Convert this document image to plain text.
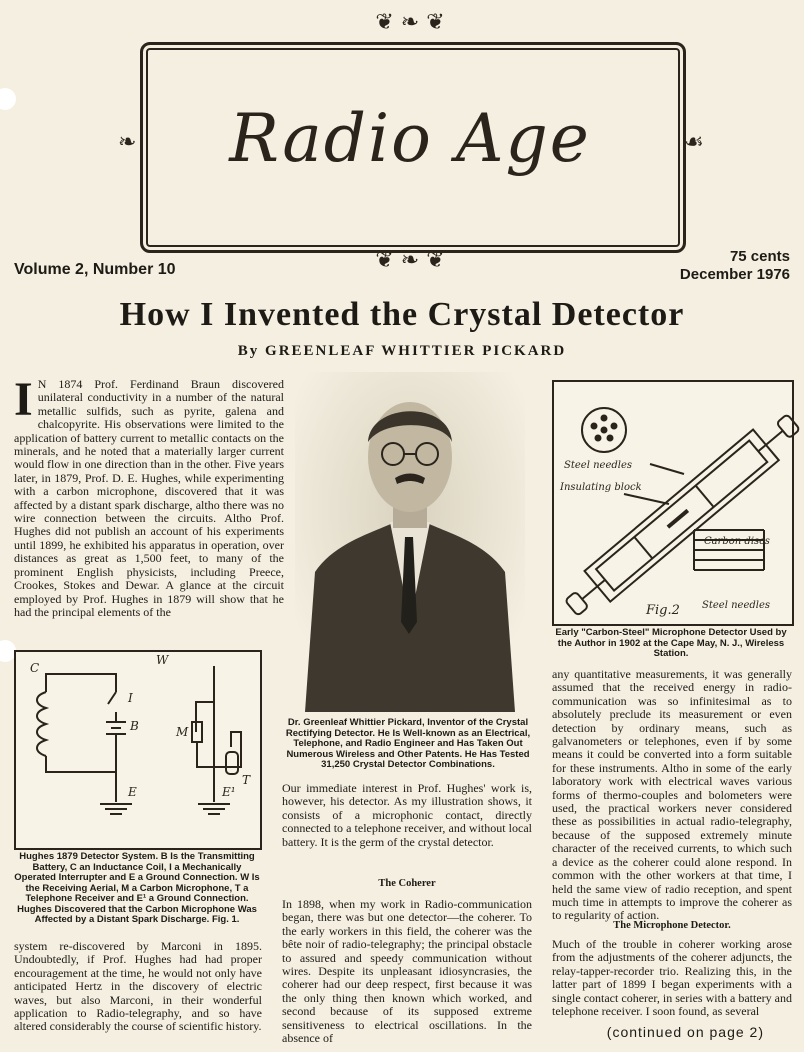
❦ ❧ ❦
❦ ❧ ❦
❧	☙
Radio Age
Volume 2, Number 10
75 cents
December 1976
How I Invented the Crystal Detector
By GREENLEAF WHITTIER PICKARD
I N 1874 Prof. Ferdinand Braun discovered unilateral conductivity in a number of the natural metallic sulfids, such as pyrite, galena and chalcopyrite. His observations were limited to the application of battery current to metallic contacts on the minerals, and he noted that a materially larger current would flow in one direction than in the other. Five years later, in 1879, Prof. D. E. Hughes, while experimenting with a carbon microphone, discovered that it was affected by a distant spark discharge, altho there was no wire connection between the circuits. Altho Prof. Hughes did not publish an account of his experiments until 1899, he exhibited his apparatus in operation, over distances as great as 1,500 feet, to many of the prominent English physicists, including Preece, Crookes, Stokes and Dewar. A glance at the circuit employed by Prof. Hughes in 1879 will show that he had the principal elements of the
C
W
I
B	M
T
E	E¹
Hughes 1879 Detector System. B Is the Transmitting Battery, C an Inductance Coil, I a Mechanically Operated Interrupter and E a Ground Connection. W Is the Receiving Aerial, M a Carbon Microphone, T a Telephone Receiver and E¹ a Ground Connection. Hughes Discovered that the Carbon Microphone Was Affected by a Distant Spark Discharge. Fig. 1.
system re-discovered by Marconi in 1895. Undoubtedly, if Prof. Hughes had had proper encouragement at the time, he would not only have anticipated Hertz in the discovery of electric waves, but also Marconi, in their wonderful application to Radio-telegraphy, and so have altered considerably the course of scientific history.
Dr. Greenleaf Whittier Pickard, Inventor of the Crystal Rectifying Detector. He Is Well-known as an Electrical, Telephone, and Radio Engineer and Has Taken Out Numerous Wireless and Other Patents. He Has Tested 31,250 Crystal Detector Combinations.
Our immediate interest in Prof. Hughes' work is, however, his detector. As my illustration shows, it consists of a microphonic contact, directly connected to a telephone receiver, and without local battery. It is the germ of the crystal detector.
The Coherer
In 1898, when my work in Radio-communication began, there was but one detector—the coherer. To the early workers in this field, the coherer was the bête noir of radio-telegraphy; the principal obstacle to assured and speedy communication without wires. Despite its unpleasant idiosyncrasies, the coherer had our deep respect, first because it was the only thing then known which worked, and second because of its supposed extreme sensitiveness to electrical oscillations. In the absence of
Steel needles
Insulating block
Carbon discs
Steel needles
Fig.2
Early "Carbon-Steel" Microphone Detector Used by the Author in 1902 at the Cape May, N. J., Wireless Station.
any quantitative measurements, it was generally assumed that the received energy in radio-communication was so infinitesimal as to absolutely preclude its measurement or even detection by ordinary means, such as galvanometers or telephones, even if by some means it could be converted into a form suitable for these instruments. Altho in some of the early laboratory work with electrical waves various forms of thermo-couples and bolometers were used, the practical workers never considered these as possibilities in actual radio-telegraphy, because of the supposed extremely minute character of the received currents, to which such a device as the coherer could alone respond. In common with the other workers at that time, I held the same view of radio reception, and spent much time in attempts to improve the coherer as to regularity of action.
The Microphone Detector.
Much of the trouble in coherer working arose from the adjustments of the coherer adjuncts, the relay-tapper-recorder trio. Realizing this, in the latter part of 1899 I began experiments with a single contact coherer, in series with a battery and telephone receiver. I soon found, as several
(continued on page 2)
